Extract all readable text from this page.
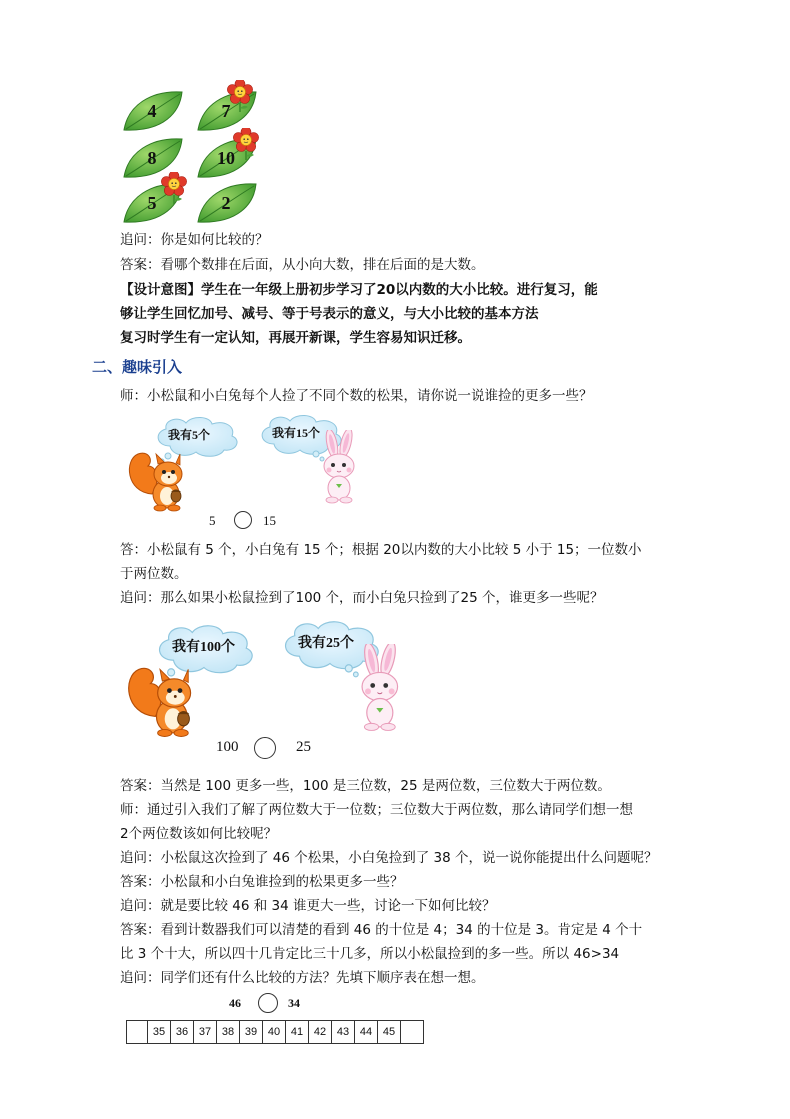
4	7
8	10
5	2
追问：你是如何比较的？
答案：看哪个数排在后面，从小向大数，排在后面的是大数。
【设计意图】学生在一年级上册初步学习了20以内数的大小比较。进行复习，能
够让学生回忆加号、减号、等于号表示的意义，与大小比较的基本方法
复习时学生有一定认知，再展开新课，学生容易知识迁移。
二、趣味引入
师：小松鼠和小白兔每个人捡了不同个数的松果，请你说一说谁捡的更多一些？
我有5个	我有15个
5	15
答：小松鼠有 5 个，小白兔有 15 个；根据 20以内数的大小比较 5 小于 15；一位数小
于两位数。
追问：那么如果小松鼠捡到了100 个，而小白兔只捡到了25 个，谁更多一些呢？
我有100个	我有25个
100	25
答案：当然是 100 更多一些，100 是三位数，25 是两位数，三位数大于两位数。
师：通过引入我们了解了两位数大于一位数；三位数大于两位数，那么请同学们想一想
2个两位数该如何比较呢？
追问：小松鼠这次捡到了 46 个松果，小白兔捡到了 38 个，说一说你能提出什么问题呢？
答案：小松鼠和小白兔谁捡到的松果更多一些？
追问：就是要比较 46 和 34 谁更大一些，讨论一下如何比较？
答案：看到计数器我们可以清楚的看到 46 的十位是 4；34 的十位是 3。肯定是 4 个十
比 3 个十大，所以四十几肯定比三十几多，所以小松鼠捡到的多一些。所以 46>34
追问：同学们还有什么比较的方法？先填下顺序表在想一想。
46	34
	35	36	37	38	39	40	41	42	43	44	45	
